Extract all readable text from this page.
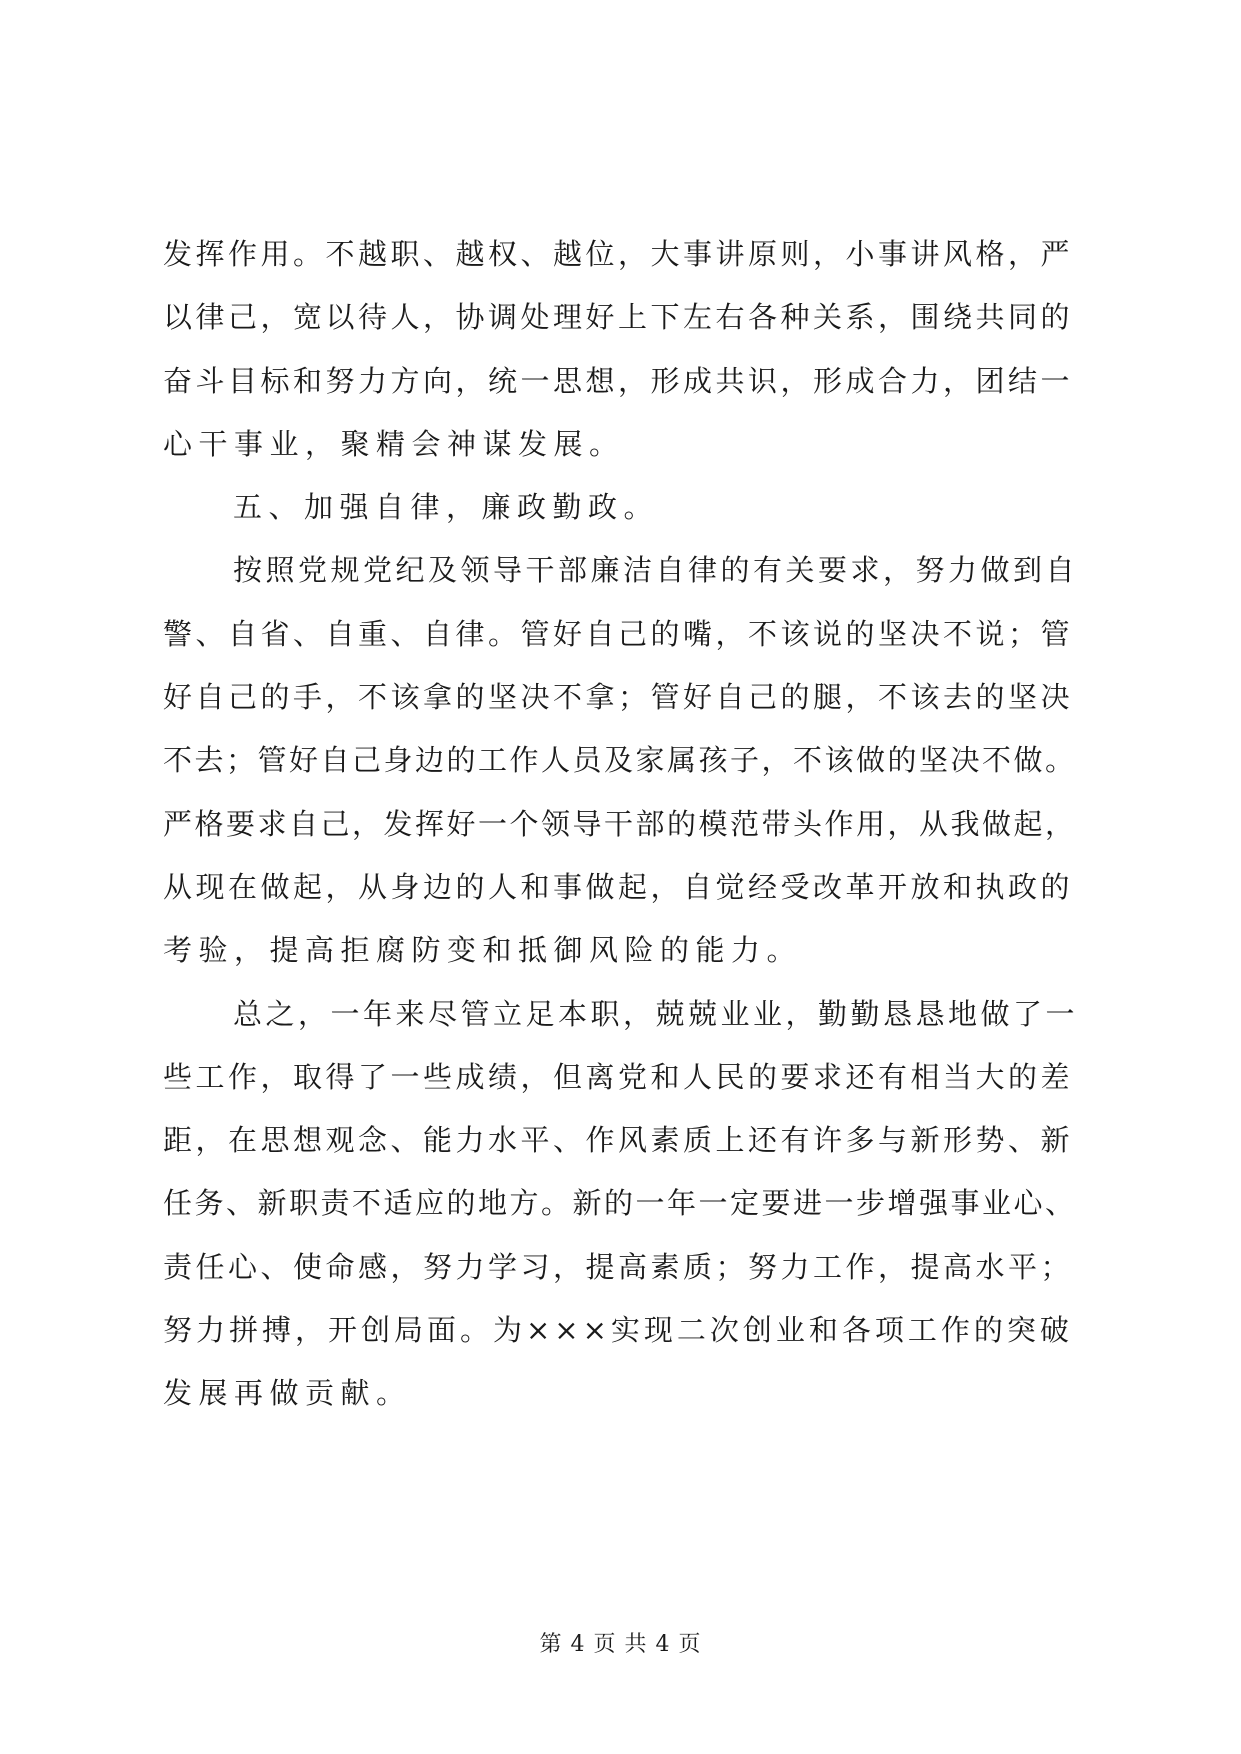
发挥作用。不越职、越权、越位，大事讲原则，小事讲风格，严
以律己，宽以待人，协调处理好上下左右各种关系，围绕共同的
奋斗目标和努力方向，统一思想，形成共识，形成合力，团结一
心干事业，聚精会神谋发展。
五、加强自律，廉政勤政。
按照党规党纪及领导干部廉洁自律的有关要求，努力做到自
警、自省、自重、自律。管好自己的嘴，不该说的坚决不说；管
好自己的手，不该拿的坚决不拿；管好自己的腿，不该去的坚决
不去；管好自己身边的工作人员及家属孩子，不该做的坚决不做。
严格要求自己，发挥好一个领导干部的模范带头作用，从我做起，
从现在做起，从身边的人和事做起，自觉经受改革开放和执政的
考验，提高拒腐防变和抵御风险的能力。
总之，一年来尽管立足本职，兢兢业业，勤勤恳恳地做了一
些工作，取得了一些成绩，但离党和人民的要求还有相当大的差
距，在思想观念、能力水平、作风素质上还有许多与新形势、新
任务、新职责不适应的地方。新的一年一定要进一步增强事业心、
责任心、使命感，努力学习，提高素质；努力工作，提高水平；
努力拼搏，开创局面。为×××实现二次创业和各项工作的突破
发展再做贡献。
第 4 页 共 4 页
